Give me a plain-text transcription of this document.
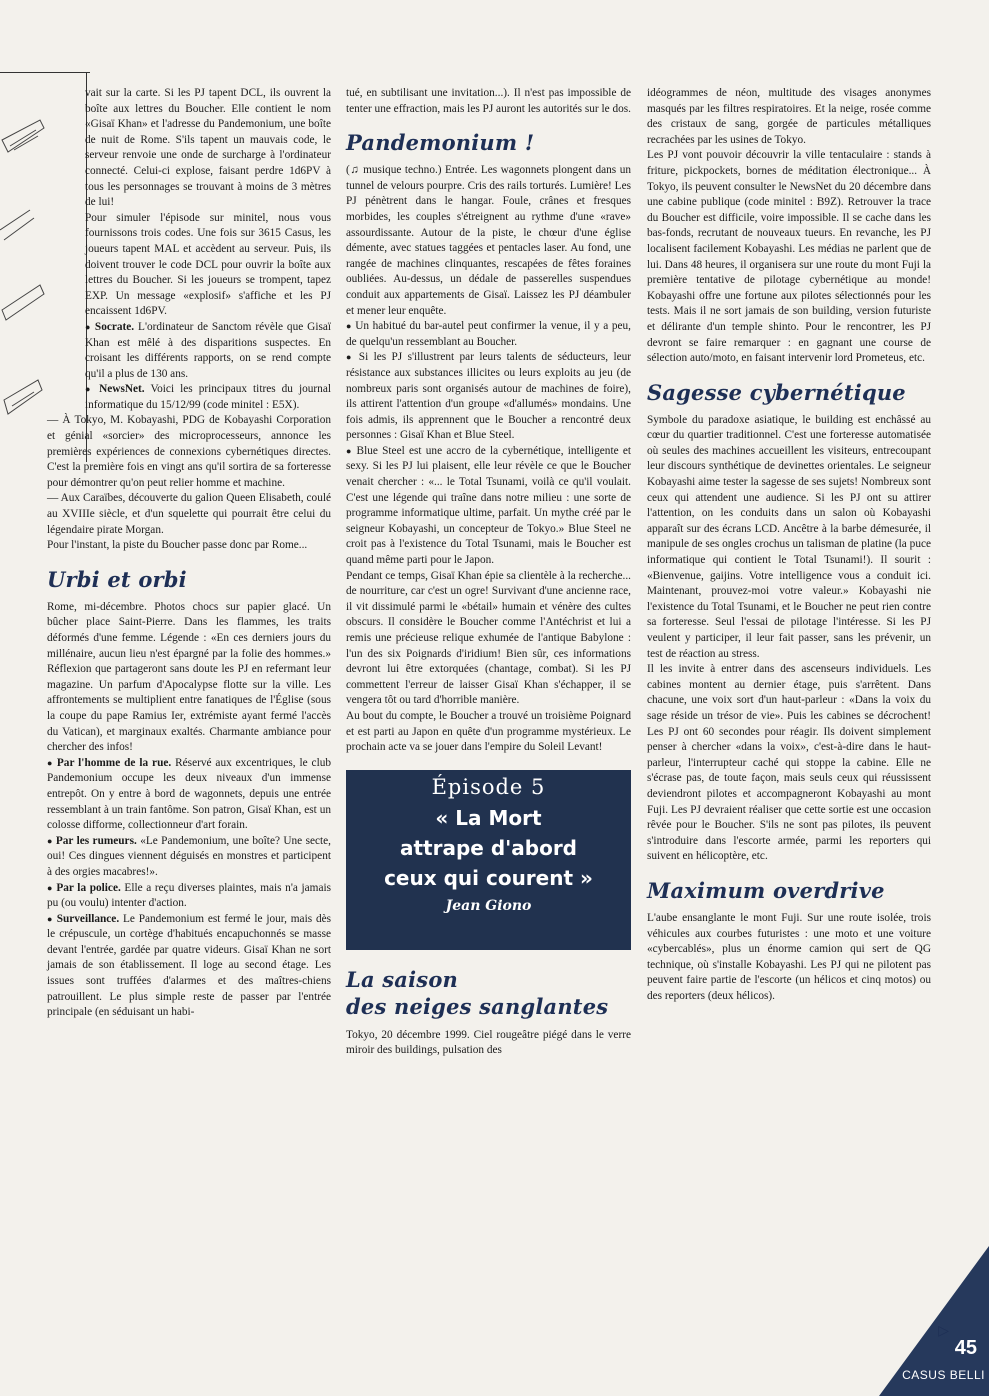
vait sur la carte. Si les PJ tapent DCL, ils ouvrent la boîte aux lettres du Boucher. Elle contient le nom «Gisaï Khan» et l'adresse du Pandemonium, une boîte de nuit de Rome. S'ils tapent un mauvais code, le serveur renvoie une onde de surcharge à l'ordinateur connecté. Celui-ci explose, faisant perdre 1d6PV à tous les personnages se trouvant à moins de 3 mètres de lui!

Pour simuler l'épisode sur minitel, nous vous fournissons trois codes. Une fois sur 3615 Casus, les joueurs tapent MAL et accèdent au serveur. Puis, ils doivent trouver le code DCL pour ouvrir la boîte aux lettres du Boucher. Si les joueurs se trompent, tapez EXP. Un message «explosif» s'affiche et les PJ encaissent 1d6PV.

● Socrate. L'ordinateur de Sanctom révèle que Gisaï Khan est mêlé à des disparitions suspectes. En croisant les différents rapports, on se rend compte qu'il a plus de 130 ans.

● NewsNet. Voici les principaux titres du journal informatique du 15/12/99 (code minitel : E5X).

— À Tokyo, M. Kobayashi, PDG de Kobayashi Corporation et génial «sorcier» des microprocesseurs, annonce les premières expériences de connexions cybernétiques directes. C'est la première fois en vingt ans qu'il sortira de sa forteresse pour démontrer qu'on peut relier homme et machine.

— Aux Caraïbes, découverte du galion Queen Elisabeth, coulé au XVIIIe siècle, et d'un squelette qui pourrait être celui du légendaire pirate Morgan.

Pour l'instant, la piste du Boucher passe donc par Rome...

Urbi et orbi

Rome, mi-décembre. Photos chocs sur papier glacé. Un bûcher place Saint-Pierre. Dans les flammes, les traits déformés d'une femme. Légende : «En ces derniers jours du millénaire, aucun lieu n'est épargné par la folie des hommes.» Réflexion que partageront sans doute les PJ en refermant leur magazine. Un parfum d'Apocalypse flotte sur la ville. Les affrontements se multiplient entre fanatiques de l'Église (sous la coupe du pape Ramius Ier, extrémiste ayant fermé l'accès du Vatican), et marginaux exaltés. Charmante ambiance pour chercher des infos!

● Par l'homme de la rue. Réservé aux excentriques, le club Pandemonium occupe les deux niveaux d'un immense entrepôt. On y entre à bord de wagonnets, depuis une entrée ressemblant à un train fantôme. Son patron, Gisaï Khan, est un colosse difforme, collectionneur d'art forain.

● Par les rumeurs. «Le Pandemonium, une boîte? Une secte, oui! Ces dingues viennent déguisés en monstres et participent à des orgies macabres!».

● Par la police. Elle a reçu diverses plaintes, mais n'a jamais pu (ou voulu) intenter d'action.

● Surveillance. Le Pandemonium est fermé le jour, mais dès le crépuscule, un cortège d'habitués encapuchonnés se masse devant l'entrée, gardée par quatre videurs. Gisaï Khan ne sort jamais de son établissement. Il loge au second étage. Les issues sont truffées d'alarmes et des maîtres-chiens patrouillent. Le plus simple reste de passer par l'entrée principale (en séduisant un habi-

tué, en subtilisant une invitation...). Il n'est pas impossible de tenter une effraction, mais les PJ auront les autorités sur le dos.

Pandemonium !

(♫ musique techno.) Entrée. Les wagonnets plongent dans un tunnel de velours pourpre. Cris des rails torturés. Lumière! Les PJ pénètrent dans le hangar. Foule, crânes et fresques morbides, les couples s'étreignent au rythme d'une «rave» assourdissante. Autour de la piste, le chœur d'une église démente, avec statues taggées et pentacles laser. Au fond, une rangée de machines clinquantes, rescapées de fêtes foraines oubliées. Au-dessus, un dédale de passerelles suspendues conduit aux appartements de Gisaï. Laissez les PJ déambuler et mener leur enquête.

● Un habitué du bar-autel peut confirmer la venue, il y a peu, de quelqu'un ressemblant au Boucher.

● Si les PJ s'illustrent par leurs talents de séducteurs, leur résistance aux substances illicites ou leurs exploits au jeu (de nombreux paris sont organisés autour de machines de foire), ils attirent l'attention d'un groupe «d'allumés» mondains. Une fois admis, ils apprennent que le Boucher a rencontré deux personnes : Gisaï Khan et Blue Steel.

● Blue Steel est une accro de la cybernétique, intelligente et sexy. Si les PJ lui plaisent, elle leur révèle ce que le Boucher venait chercher : «... le Total Tsunami, voilà ce qu'il voulait. C'est une légende qui traîne dans notre milieu : une sorte de programme informatique ultime, parfait. Un mythe créé par le seigneur Kobayashi, un concepteur de Tokyo.» Blue Steel ne croit pas à l'existence du Total Tsunami, mais le Boucher est quand même parti pour le Japon.

Pendant ce temps, Gisaï Khan épie sa clientèle à la recherche... de nourriture, car c'est un ogre! Survivant d'une ancienne race, il vit dissimulé parmi le «bétail» humain et vénère des cultes obscurs. Il considère le Boucher comme l'Antéchrist et lui a remis une précieuse relique exhumée de l'antique Babylone : l'un des six Poignards d'iridium! Bien sûr, ces informations devront lui être extorquées (chantage, combat). Si les PJ commettent l'erreur de laisser Gisaï Khan s'échapper, il se vengera tôt ou tard d'horrible manière.

Au bout du compte, le Boucher a trouvé un troisième Poignard et est parti au Japon en quête d'un programme mystérieux. Le prochain acte va se jouer dans l'empire du Soleil Levant!

Épisode 5
« La Mort
attrape d'abord
ceux qui courent »
Jean Giono
La saison
des neiges sanglantes

Tokyo, 20 décembre 1999. Ciel rougeâtre piégé dans le verre miroir des buildings, pulsation des

idéogrammes de néon, multitude des visages anonymes masqués par les filtres respiratoires. Et la neige, rosée comme des cristaux de sang, gorgée de particules métalliques recrachées par les usines de Tokyo.

Les PJ vont pouvoir découvrir la ville tentaculaire : stands à friture, pickpockets, bornes de méditation électronique... À Tokyo, ils peuvent consulter le NewsNet du 20 décembre dans une cabine publique (code minitel : B9Z). Retrouver la trace du Boucher est difficile, voire impossible. Il se cache dans les bas-fonds, recrutant de nouveaux tueurs. En revanche, les PJ localisent facilement Kobayashi. Les médias ne parlent que de lui. Dans 48 heures, il organisera sur une route du mont Fuji la première tentative de pilotage cybernétique au monde! Kobayashi offre une fortune aux pilotes sélectionnés pour les tests. Mais il ne sort jamais de son building, version futuriste et délirante d'un temple shinto. Pour le rencontrer, les PJ devront se faire remarquer : en gagnant une course de sélection auto/moto, en faisant intervenir lord Prometeus, etc.

Sagesse cybernétique

Symbole du paradoxe asiatique, le building est enchâssé au cœur du quartier traditionnel. C'est une forteresse automatisée où seules des machines accueillent les visiteurs, entrecoupant leur discours synthétique de devinettes orientales. Le seigneur Kobayashi aime tester la sagesse de ses sujets! Nombreux sont ceux qui attendent une audience. Si les PJ ont su attirer l'attention, on les conduits dans un salon où Kobayashi apparaît sur des écrans LCD. Ancêtre à la barbe démesurée, il manipule de ses ongles crochus un talisman de platine (la puce informatique qui contient le Total Tsunami!). Il sourit : «Bienvenue, gaijins. Votre intelligence vous a conduit ici. Maintenant, prouvez-moi votre valeur.» Kobayashi nie l'existence du Total Tsunami, et le Boucher ne peut rien contre sa forteresse. Seul l'essai de pilotage l'intéresse. Si les PJ veulent y participer, il leur fait passer, sans les prévenir, un test de réaction au stress.

Il les invite à entrer dans des ascenseurs individuels. Les cabines montent au dernier étage, puis s'arrêtent. Dans chacune, une voix sort d'un haut-parleur : «Dans la voix du sage réside un trésor de vie». Puis les cabines se décrochent! Les PJ ont 60 secondes pour réagir. Ils doivent simplement penser à chercher «dans la voix», c'est-à-dire dans le haut-parleur, l'interrupteur caché qui stoppe la cabine. Elle ne s'écrase pas, de toute façon, mais seuls ceux qui réussissent deviendront pilotes et accompagneront Kobayashi au mont Fuji. Les PJ devraient réaliser que cette sortie est une occasion rêvée pour le Boucher. S'ils ne sont pas pilotes, ils peuvent s'introduire dans l'escorte armée, parmi les reporters qui suivent en hélicoptère, etc.

Maximum overdrive

L'aube ensanglante le mont Fuji. Sur une route isolée, trois véhicules aux courbes futuristes : une moto et une voiture «cybercablés», plus un énorme camion qui sert de QG technique, où s'installe Kobayashi. Les PJ qui ne pilotent pas peuvent faire partie de l'escorte (un hélicos et cinq motos) ou des reporters (deux hélicos).

▷
45
CASUS BELLI
